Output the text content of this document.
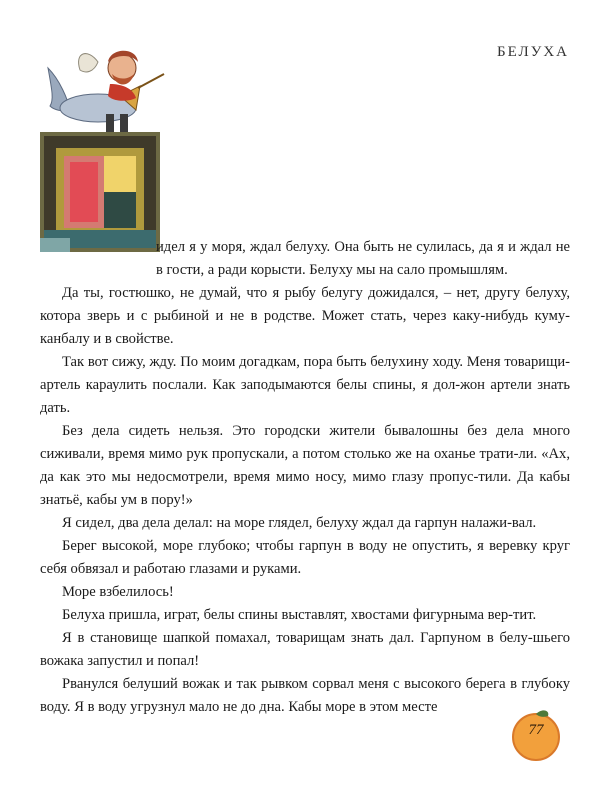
БЕЛУХА

идел я у моря, ждал белуху. Она быть не сулилась, да я и ждал не в гости, а ради корысти. Белуху мы на сало промышлям.

Да ты, гостюшко, не думай, что я рыбу белугу дожидался, – нет, другу белуху, котора зверь и с рыбиной и не в родстве. Может стать, через каку-нибудь куму-канбалу и в свойстве.

Так вот сижу, жду. По моим догадкам, пора быть белухину ходу. Меня товарищи-артель караулить послали. Как заподымаются белы спины, я дол-жон артели знать дать.

Без дела сидеть нельзя. Это городски жители бывалошны без дела много сиживали, время мимо рук пропускали, а потом столько же на оханье трати-ли. «Ах, да как это мы недосмотрели, время мимо носу, мимо глазу пропус-тили. Да кабы знатьё, кабы ум в пору!»

Я сидел, два дела делал: на море глядел, белуху ждал да гарпун налажи-вал.

Берег высокой, море глубоко; чтобы гарпун в воду не опустить, я веревку круг себя обвязал и работаю глазами и руками.

Море взбелилось!

Белуха пришла, играт, белы спины выставлят, хвостами фигурныма вер-тит.

Я в становище шапкой помахал, товарищам знать дал. Гарпуном в белу-шьего вожака запустил и попал!

Рванулся белуший вожак и так рывком сорвал меня с высокого берега в глубоку воду. Я в воду угрузнул мало не до дна. Кабы море в этом месте

77
